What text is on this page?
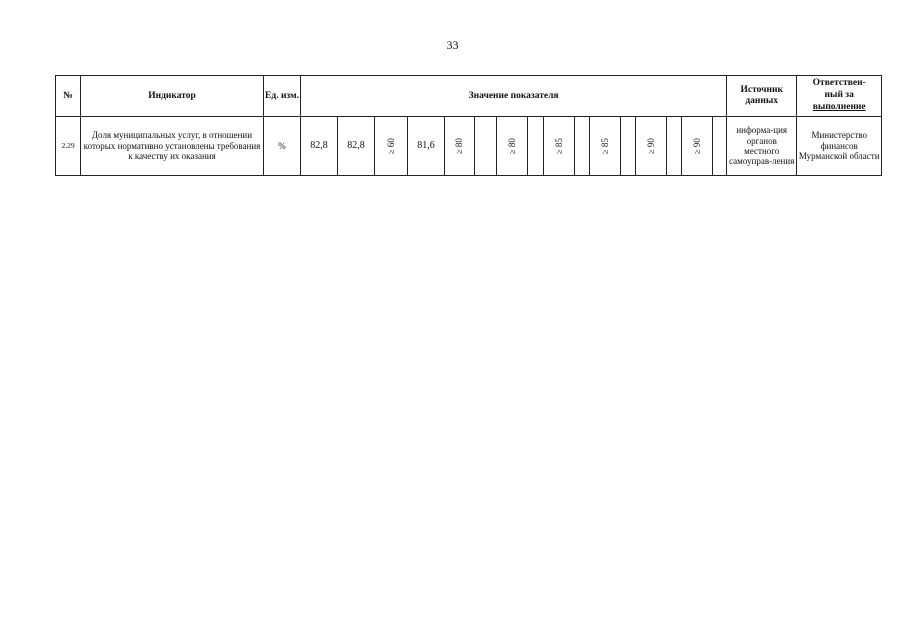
33
№	Индикатор	Ед. изм.	Значение показателя																Источник данных	Ответствен-
ный за
выполнение

2.29	Доля муниципальных услуг, в отношении которых нормативно установлены требования к качеству их оказания	%	82,8	82,8	≥ 60	81,6	≥ 80		≥ 80		≥ 85		≥ 85		≥ 90		≥ 90		информа-ция органов местного самоуправ-ления	Министерство финансов Мурманской области
